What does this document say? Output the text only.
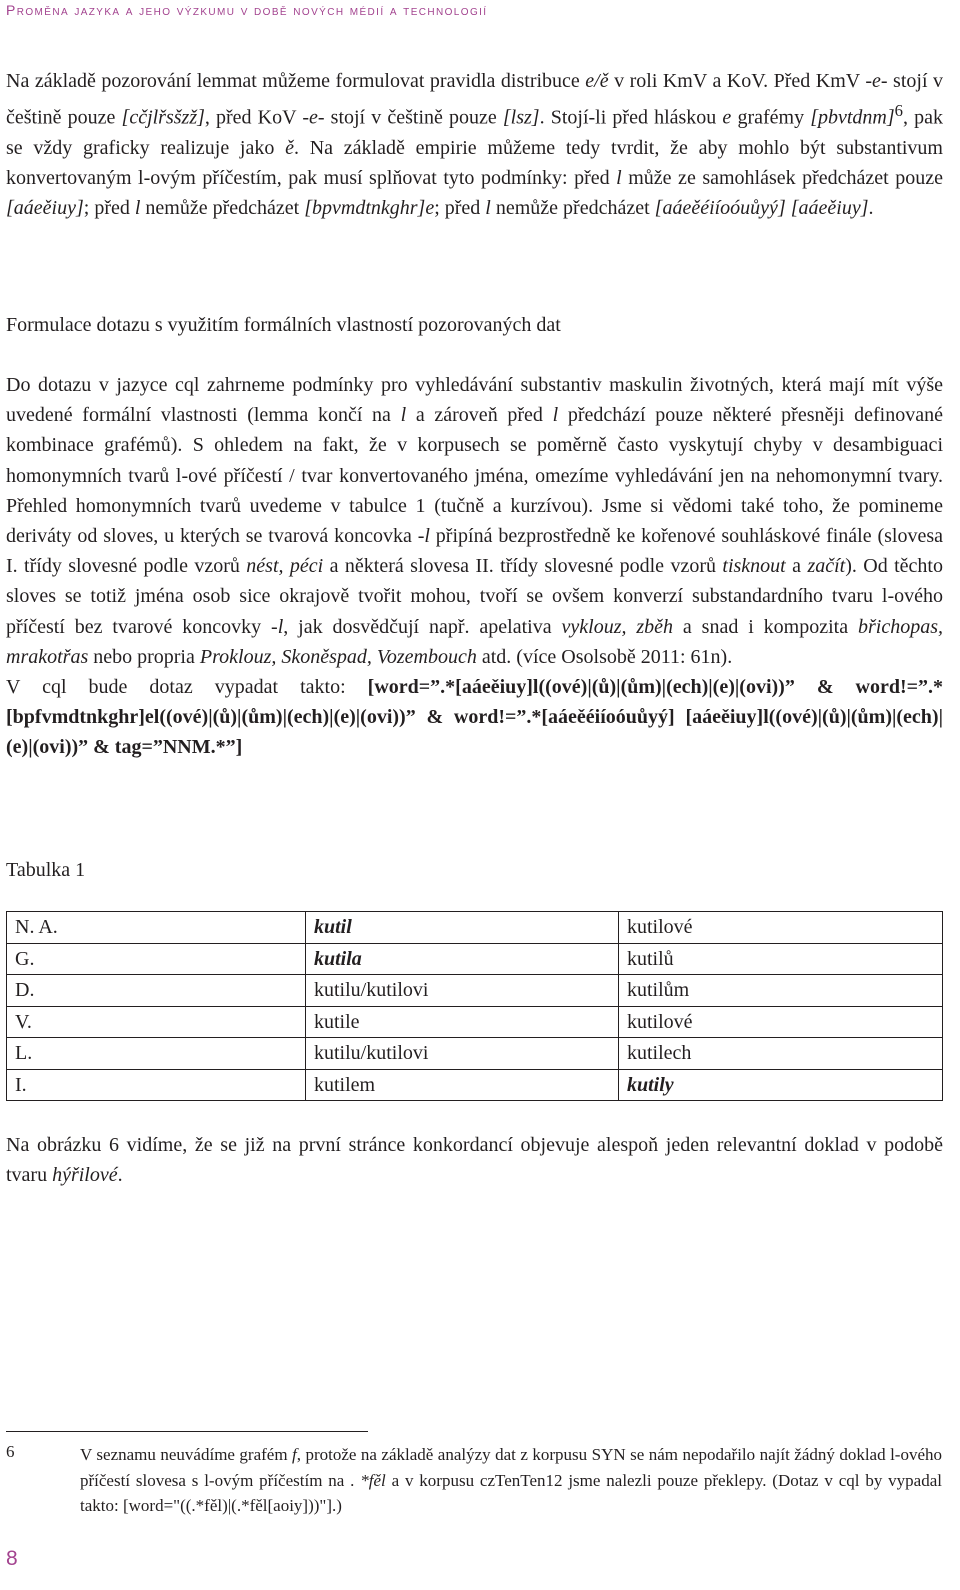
Proměna jazyka a jeho výzkumu v době nových médií a technologií
Na základě pozorování lemmat můžeme formulovat pravidla distribuce e/ě v roli KmV a KoV. Před KmV -e- stojí v češtině pouze [cčjlřsšzž], před KoV -e- stojí v češtině pouze [lsz]. Stojí-li před hláskou e grafémy [pbvtdnm]$^6$, pak se vždy graficky realizuje jako ě. Na základě empirie můžeme tedy tvrdit, že aby mohlo být substantivum konvertovaným l-ovým příčestím, pak musí splňovat tyto podmínky: před l může ze samohlásek předcházet pouze [aáeěiuy]; před l nemůže předcházet [bpvmdtnkghr]e; před l nemůže předcházet [aáeěéiíoóuůyý] [aáeěiuy].
Formulace dotazu s využitím formálních vlastností pozorovaných dat
Do dotazu v jazyce cql zahrneme podmínky pro vyhledávání substantiv maskulin životných, která mají mít výše uvedené formální vlastnosti (lemma končí na l a zároveň před l předchází pouze některé přesněji definované kombinace grafémů). S ohledem na fakt, že v korpusech se poměrně často vyskytují chyby v desambiguaci homonymních tvarů l-ové příčestí / tvar konvertovaného jména, omezíme vyhledávání jen na nehomonymní tvary. Přehled homonymních tvarů uvedeme v tabulce 1 (tučně a kurzívou). Jsme si vědomi také toho, že pomineme deriváty od sloves, u kterých se tvarová koncovka -l připíná bezprostředně ke kořenové souhláskové finále (slovesa I. třídy slovesné podle vzorů nést, péci a některá slovesa II. třídy slovesné podle vzorů tisknout a začít). Od těchto sloves se totiž jména osob sice okrajově tvořit mohou, tvoří se ovšem konverzí substandardního tvaru l-ového příčestí bez tvarové koncovky -l, jak dosvědčují např. apelativa vyklouz, zběh a snad i kompozita břichopas, mrakotřas nebo propria Proklouz, Skoněspad, Vozembouch atd. (více Osolsobě 2011: 61n).
V cql bude dotaz vypadat takto: [word=”.*[aáeěiuy]l((ové)|(ů)|(ům)|(ech)|(e)|(ovi))” & word!=”.*[bpfvmdtnkghr]el((ové)|(ů)|(ům)|(ech)|(e)|(ovi))” & word!=”.*[aáeěéiíoóuůyý] [aáeěiuy]l((ové)|(ů)|(ům)|(ech)|(e)|(ovi))” & tag=”NNM.*”]
Tabulka 1
N. A.	kutil	kutilové
G.	kutila	kutilů
D.	kutilu/kutilovi	kutilům
V.	kutile	kutilové
L.	kutilu/kutilovi	kutilech
I.	kutilem	kutily
Na obrázku 6 vidíme, že se již na první stránce konkordancí objevuje alespoň jeden relevantní doklad v podobě tvaru hýřilové.
6	V seznamu neuvádíme grafém f, protože na základě analýzy dat z korpusu SYN se nám nepodařilo najít žádný doklad l-ového příčestí slovesa s l-ovým příčestím na . *fěl a v korpusu czTenTen12 jsme nalezli pouze překlepy. (Dotaz v cql by vypadal takto: [word="((.*fěl)|(.*fěl[aoiy]))"].)
8
